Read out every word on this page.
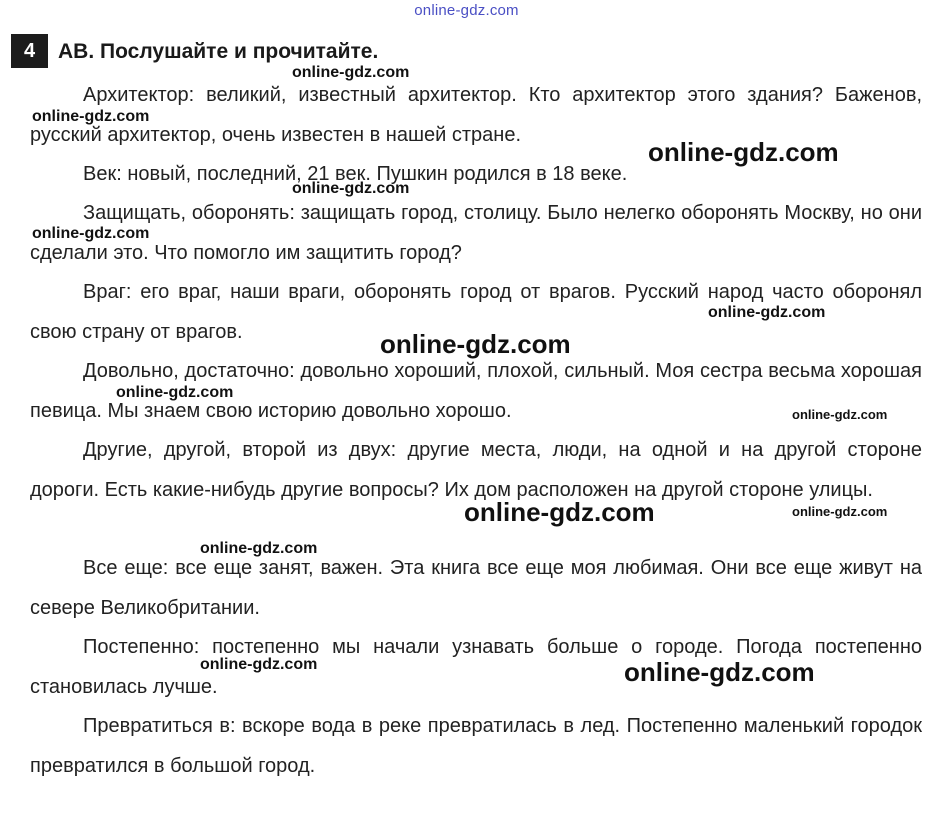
online-gdz.com
4	AB. Послушайте и прочитайте.

Архитектор: великий, известный архитектор. Кто архитектор этого здания? Баженов, русский архитектор, очень известен в нашей стране.

Век: новый, последний, 21 век. Пушкин родился в 18 веке.

Защищать, оборонять: защищать город, столицу. Было нелегко оборонять Москву, но они сделали это. Что помогло им защитить город?

Враг: его враг, наши враги, оборонять город от врагов. Русский народ часто оборонял свою страну от врагов.

Довольно, достаточно: довольно хороший, плохой, сильный. Моя сестра весьма хорошая певица. Мы знаем свою историю довольно хорошо.

Другие, другой, второй из двух: другие места, люди, на одной и на другой стороне дороги. Есть какие-нибудь другие вопросы? Их дом расположен на другой стороне улицы.

Все еще: все еще занят, важен. Эта книга все еще моя любимая. Они все еще живут на севере Великобритании.

Постепенно: постепенно мы начали узнавать больше о городе. Погода постепенно становилась лучше.

Превратиться в: вскоре вода в реке превратилась в лед. Постепенно маленький городок превратился в большой город.

online-gdz.com
online-gdz.com
online-gdz.com
online-gdz.com
online-gdz.com
online-gdz.com
online-gdz.com
online-gdz.com
online-gdz.com
online-gdz.com	online-gdz.com
online-gdz.com
online-gdz.com	online-gdz.com
